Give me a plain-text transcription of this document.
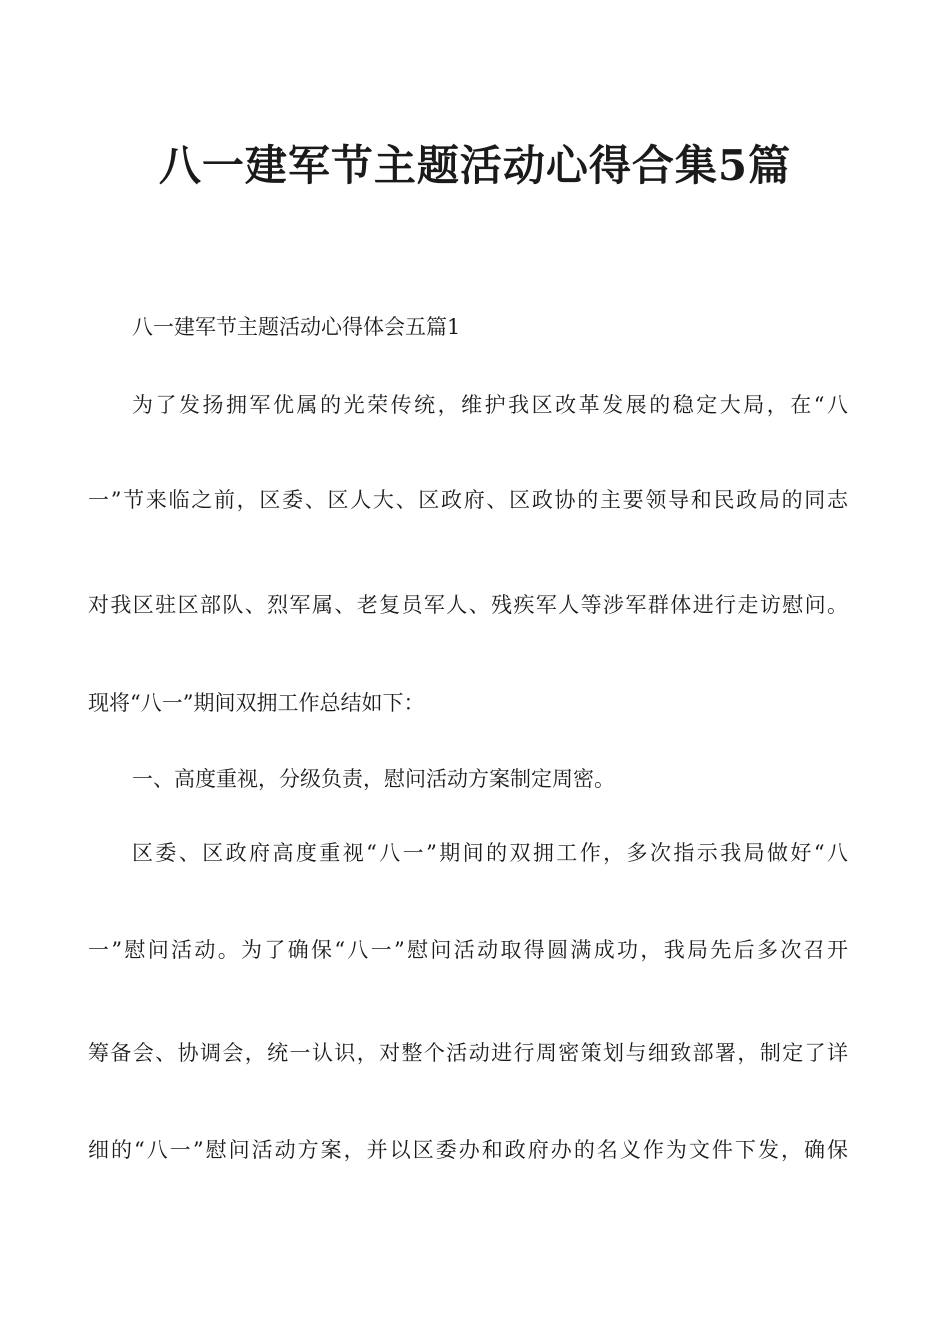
八一建军节主题活动心得合集5篇

八一建军节主题活动心得体会五篇1

为了发扬拥军优属的光荣传统，维护我区改革发展的稳定大局，在“八

一”节来临之前，区委、区人大、区政府、区政协的主要领导和民政局的同志

对我区驻区部队、烈军属、老复员军人、残疾军人等涉军群体进行走访慰问。

现将“八一”期间双拥工作总结如下：

一、高度重视，分级负责，慰问活动方案制定周密。

区委、区政府高度重视“八一”期间的双拥工作，多次指示我局做好“八

一”慰问活动。为了确保“八一”慰问活动取得圆满成功，我局先后多次召开

筹备会、协调会，统一认识，对整个活动进行周密策划与细致部署，制定了详

细的“八一”慰问活动方案，并以区委办和政府办的名义作为文件下发，确保
